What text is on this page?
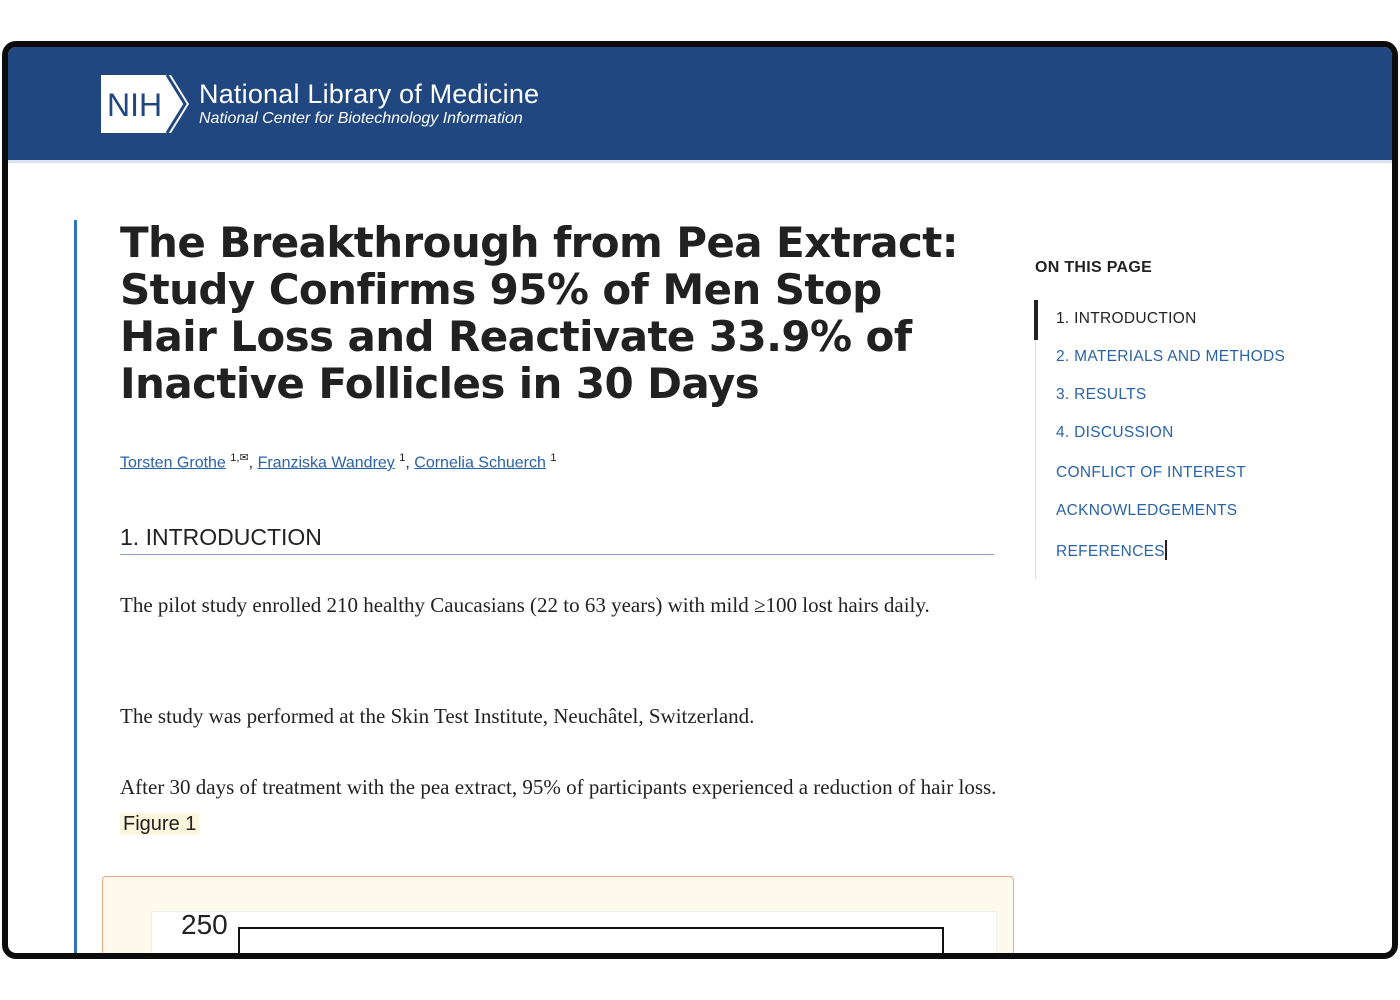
NIH National Library of Medicine
National Center for Biotechnology Information
The Breakthrough from Pea Extract: Study Confirms 95% of Men Stop Hair Loss and Reactivate 33.9% of Inactive Follicles in 30 Days
Torsten Grothe $^{1,✉}$, Franziska Wandrey $^1$, Cornelia Schuerch $^1$
1. INTRODUCTION

The pilot study enrolled 210 healthy Caucasians (22 to 63 years) with mild ≥100 lost hairs daily.

The study was performed at the Skin Test Institute, Neuchâtel, Switzerland.

After 30 days of treatment with the pea extract, 95% of participants experienced a reduction of hair loss. Figure 1

250
ON THIS PAGE
1. INTRODUCTION
2. MATERIALS AND METHODS
3. RESULTS
4. DISCUSSION
CONFLICT OF INTEREST
ACKNOWLEDGEMENTS
REFERENCES
